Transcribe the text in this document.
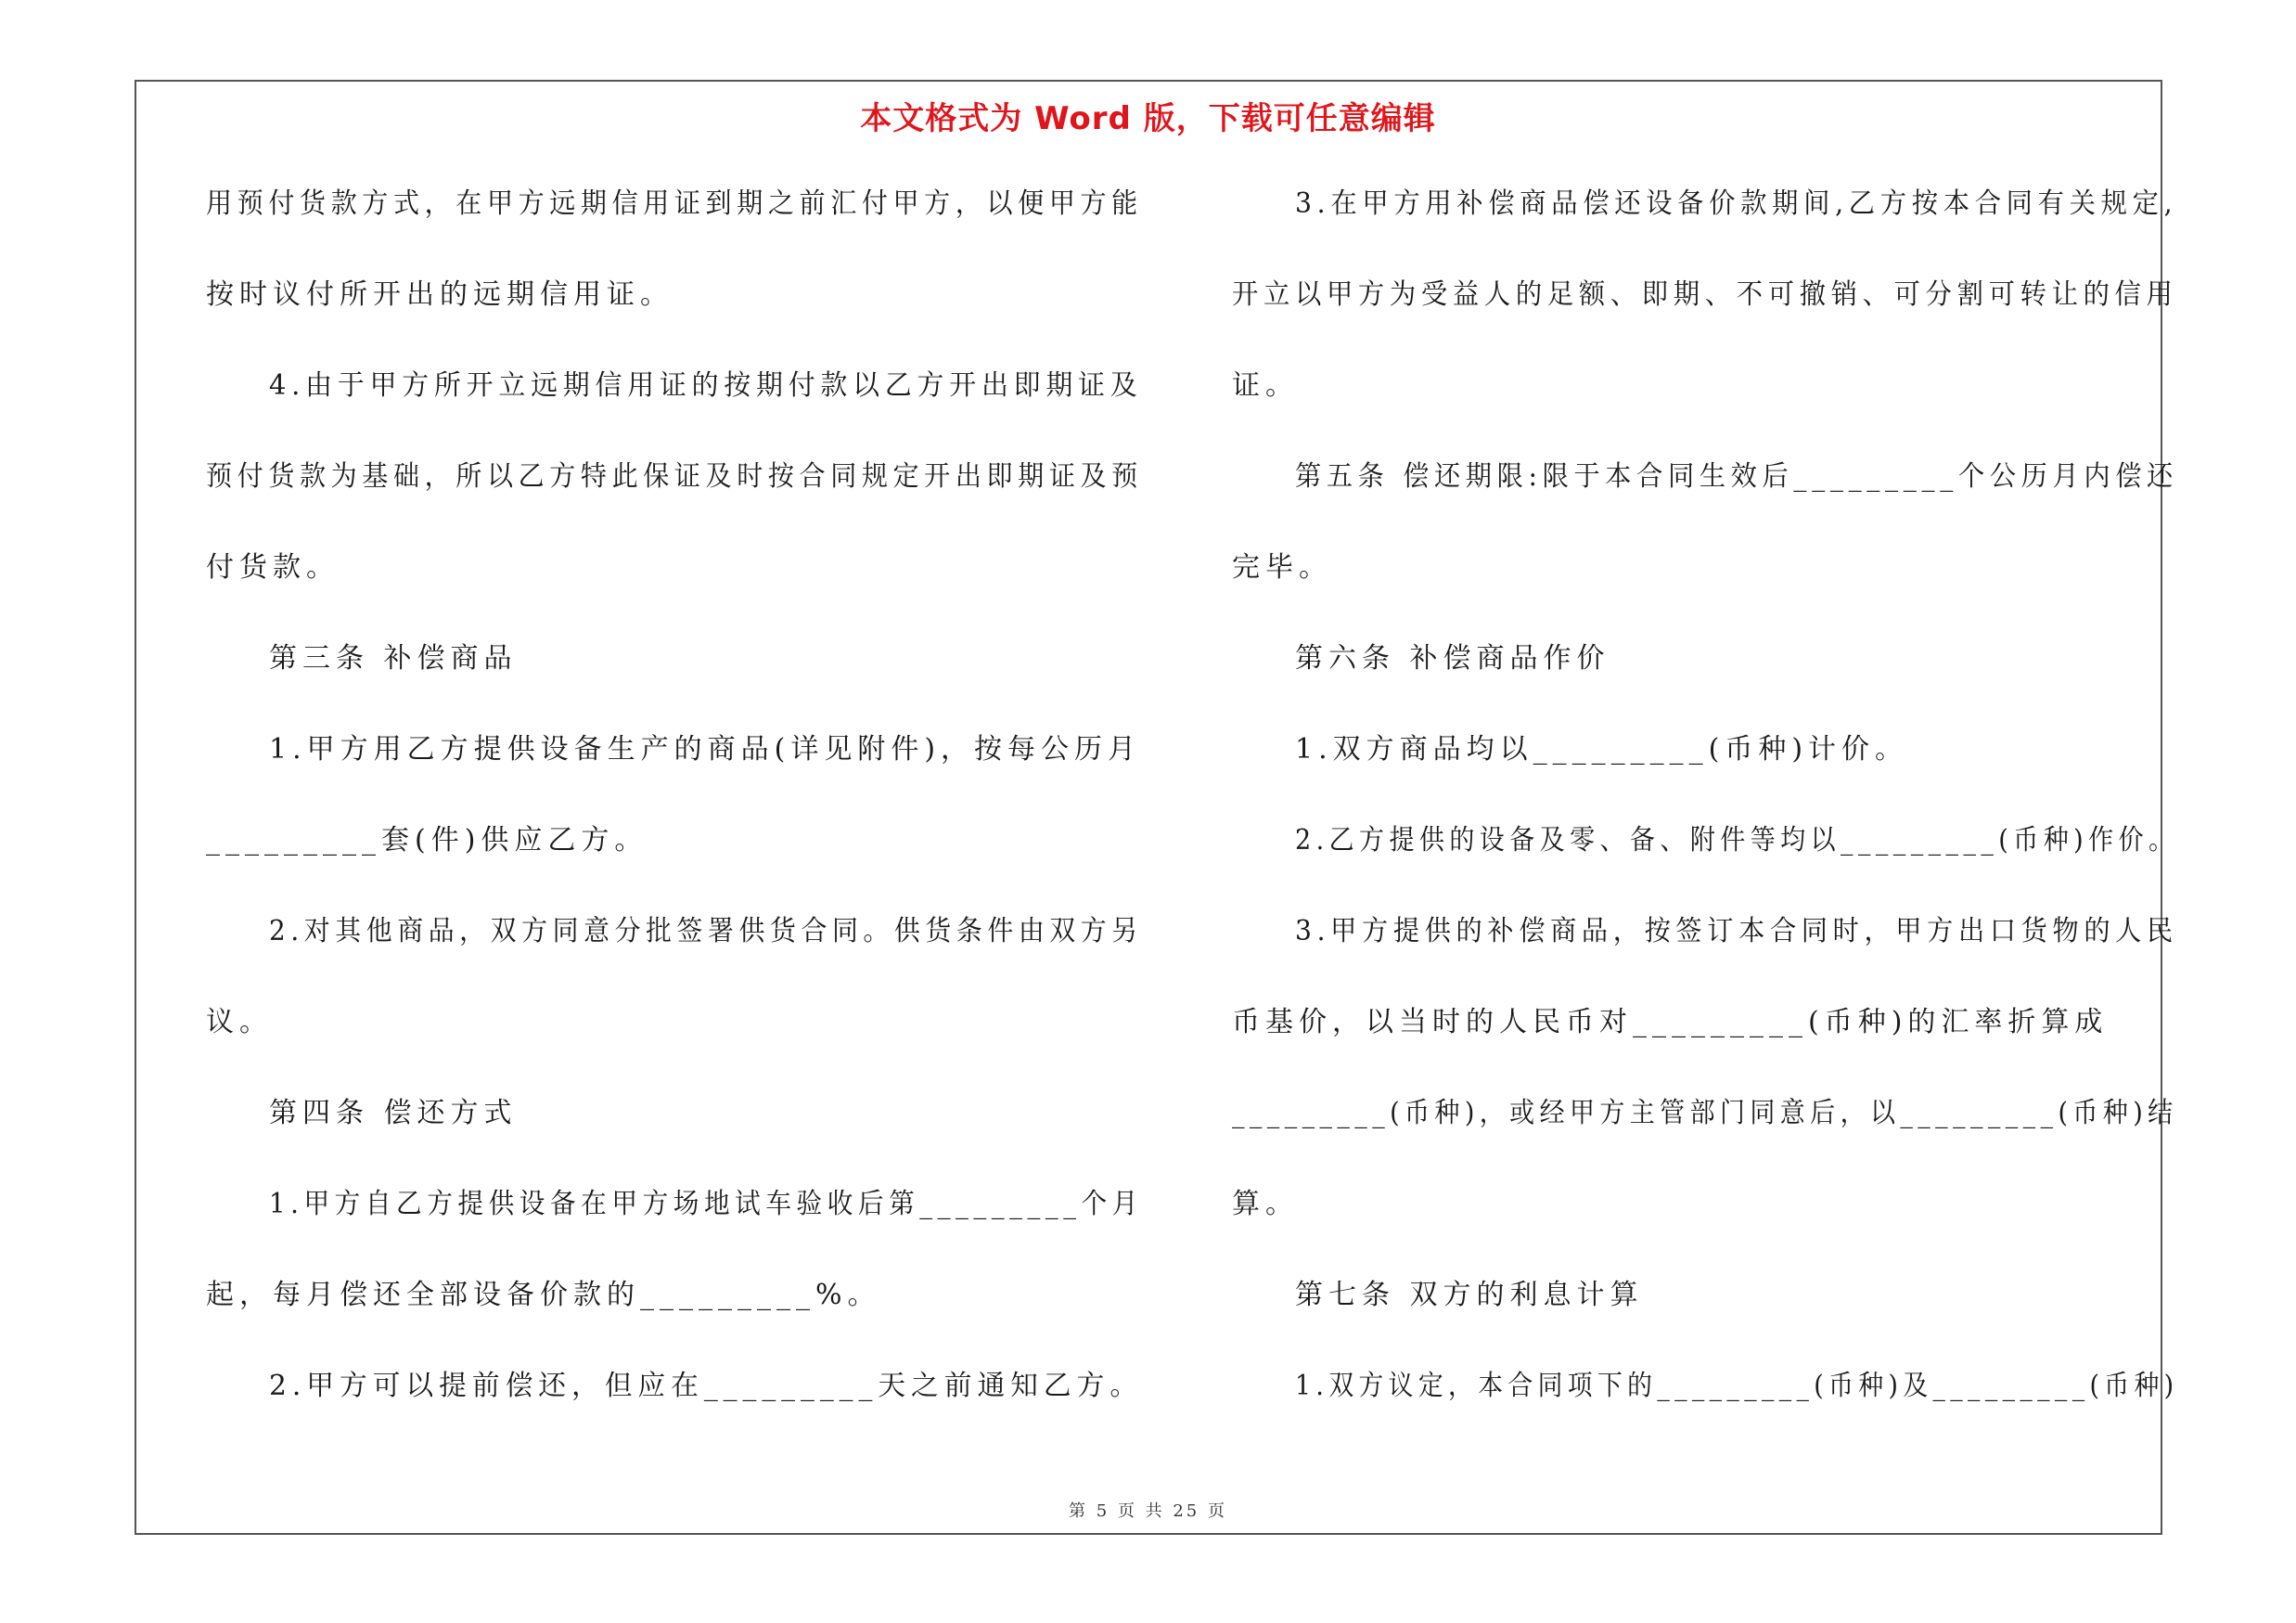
本文格式为 Word 版，下载可任意编辑
用预付货款方式，在甲方远期信用证到期之前汇付甲方，以便甲方能
按时议付所开出的远期信用证。
4.由于甲方所开立远期信用证的按期付款以乙方开出即期证及
预付货款为基础，所以乙方特此保证及时按合同规定开出即期证及预
付货款。
第三条 补偿商品
1.甲方用乙方提供设备生产的商品(详见附件)，按每公历月
_________套(件)供应乙方。
2.对其他商品，双方同意分批签署供货合同。供货条件由双方另
议。
第四条 偿还方式
1.甲方自乙方提供设备在甲方场地试车验收后第_________个月
起，每月偿还全部设备价款的_________%。
2.甲方可以提前偿还，但应在_________天之前通知乙方。
3.在甲方用补偿商品偿还设备价款期间,乙方按本合同有关规定,
开立以甲方为受益人的足额、即期、不可撤销、可分割可转让的信用
证。
第五条 偿还期限:限于本合同生效后_________个公历月内偿还
完毕。
第六条 补偿商品作价
1.双方商品均以_________(币种)计价。
2.乙方提供的设备及零、备、附件等均以_________(币种)作价。
3.甲方提供的补偿商品，按签订本合同时，甲方出口货物的人民
币基价，以当时的人民币对_________(币种)的汇率折算成
_________(币种)，或经甲方主管部门同意后，以_________(币种)结
算。
第七条 双方的利息计算
1.双方议定，本合同项下的_________(币种)及_________(币种)
第 5 页 共 25 页
